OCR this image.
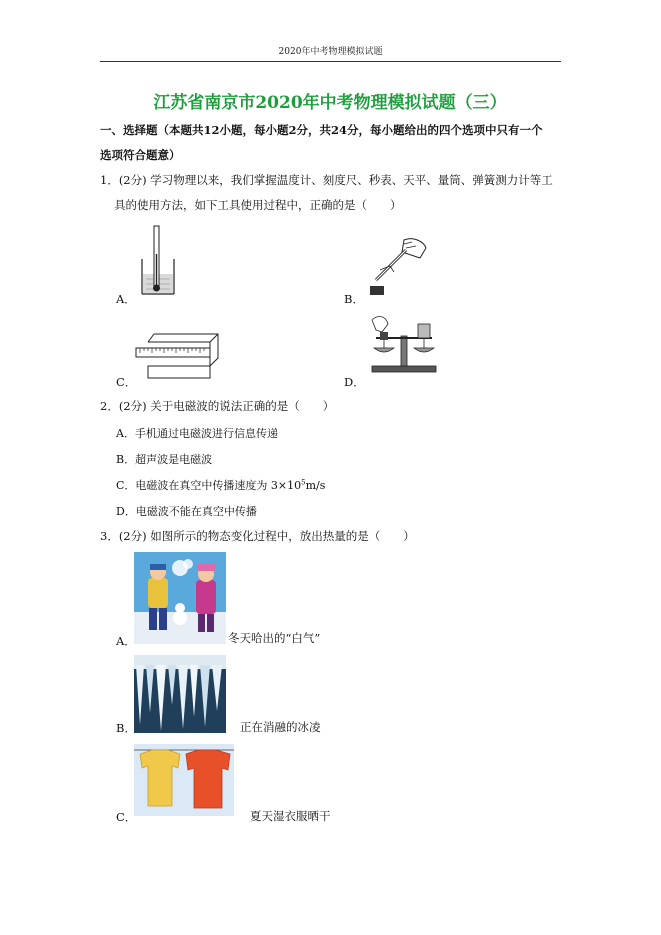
2020年中考物理模拟试题
江苏省南京市2020年中考物理模拟试题（三）
一、选择题（本题共12小题，每小题2分，共24分，每小题给出的四个选项中只有一个
选项符合题意）
1．(2分) 学习物理以来，我们掌握温度计、刻度尺、秒表、天平、量筒、弹簧测力计等工
具的使用方法，如下工具使用过程中，正确的是（　　）
A．	B．
C．	D．
2．(2分) 关于电磁波的说法正确的是（　　）
A．手机通过电磁波进行信息传递
B．超声波是电磁波
C．电磁波在真空中传播速度为 $3\times 10^5m/s$
D．电磁波不能在真空中传播
3．(2分) 如图所示的物态变化过程中，放出热量的是（　　）
A．	冬天哈出的“白气”
B．	正在消融的冰凌
C．	夏天湿衣服晒干
